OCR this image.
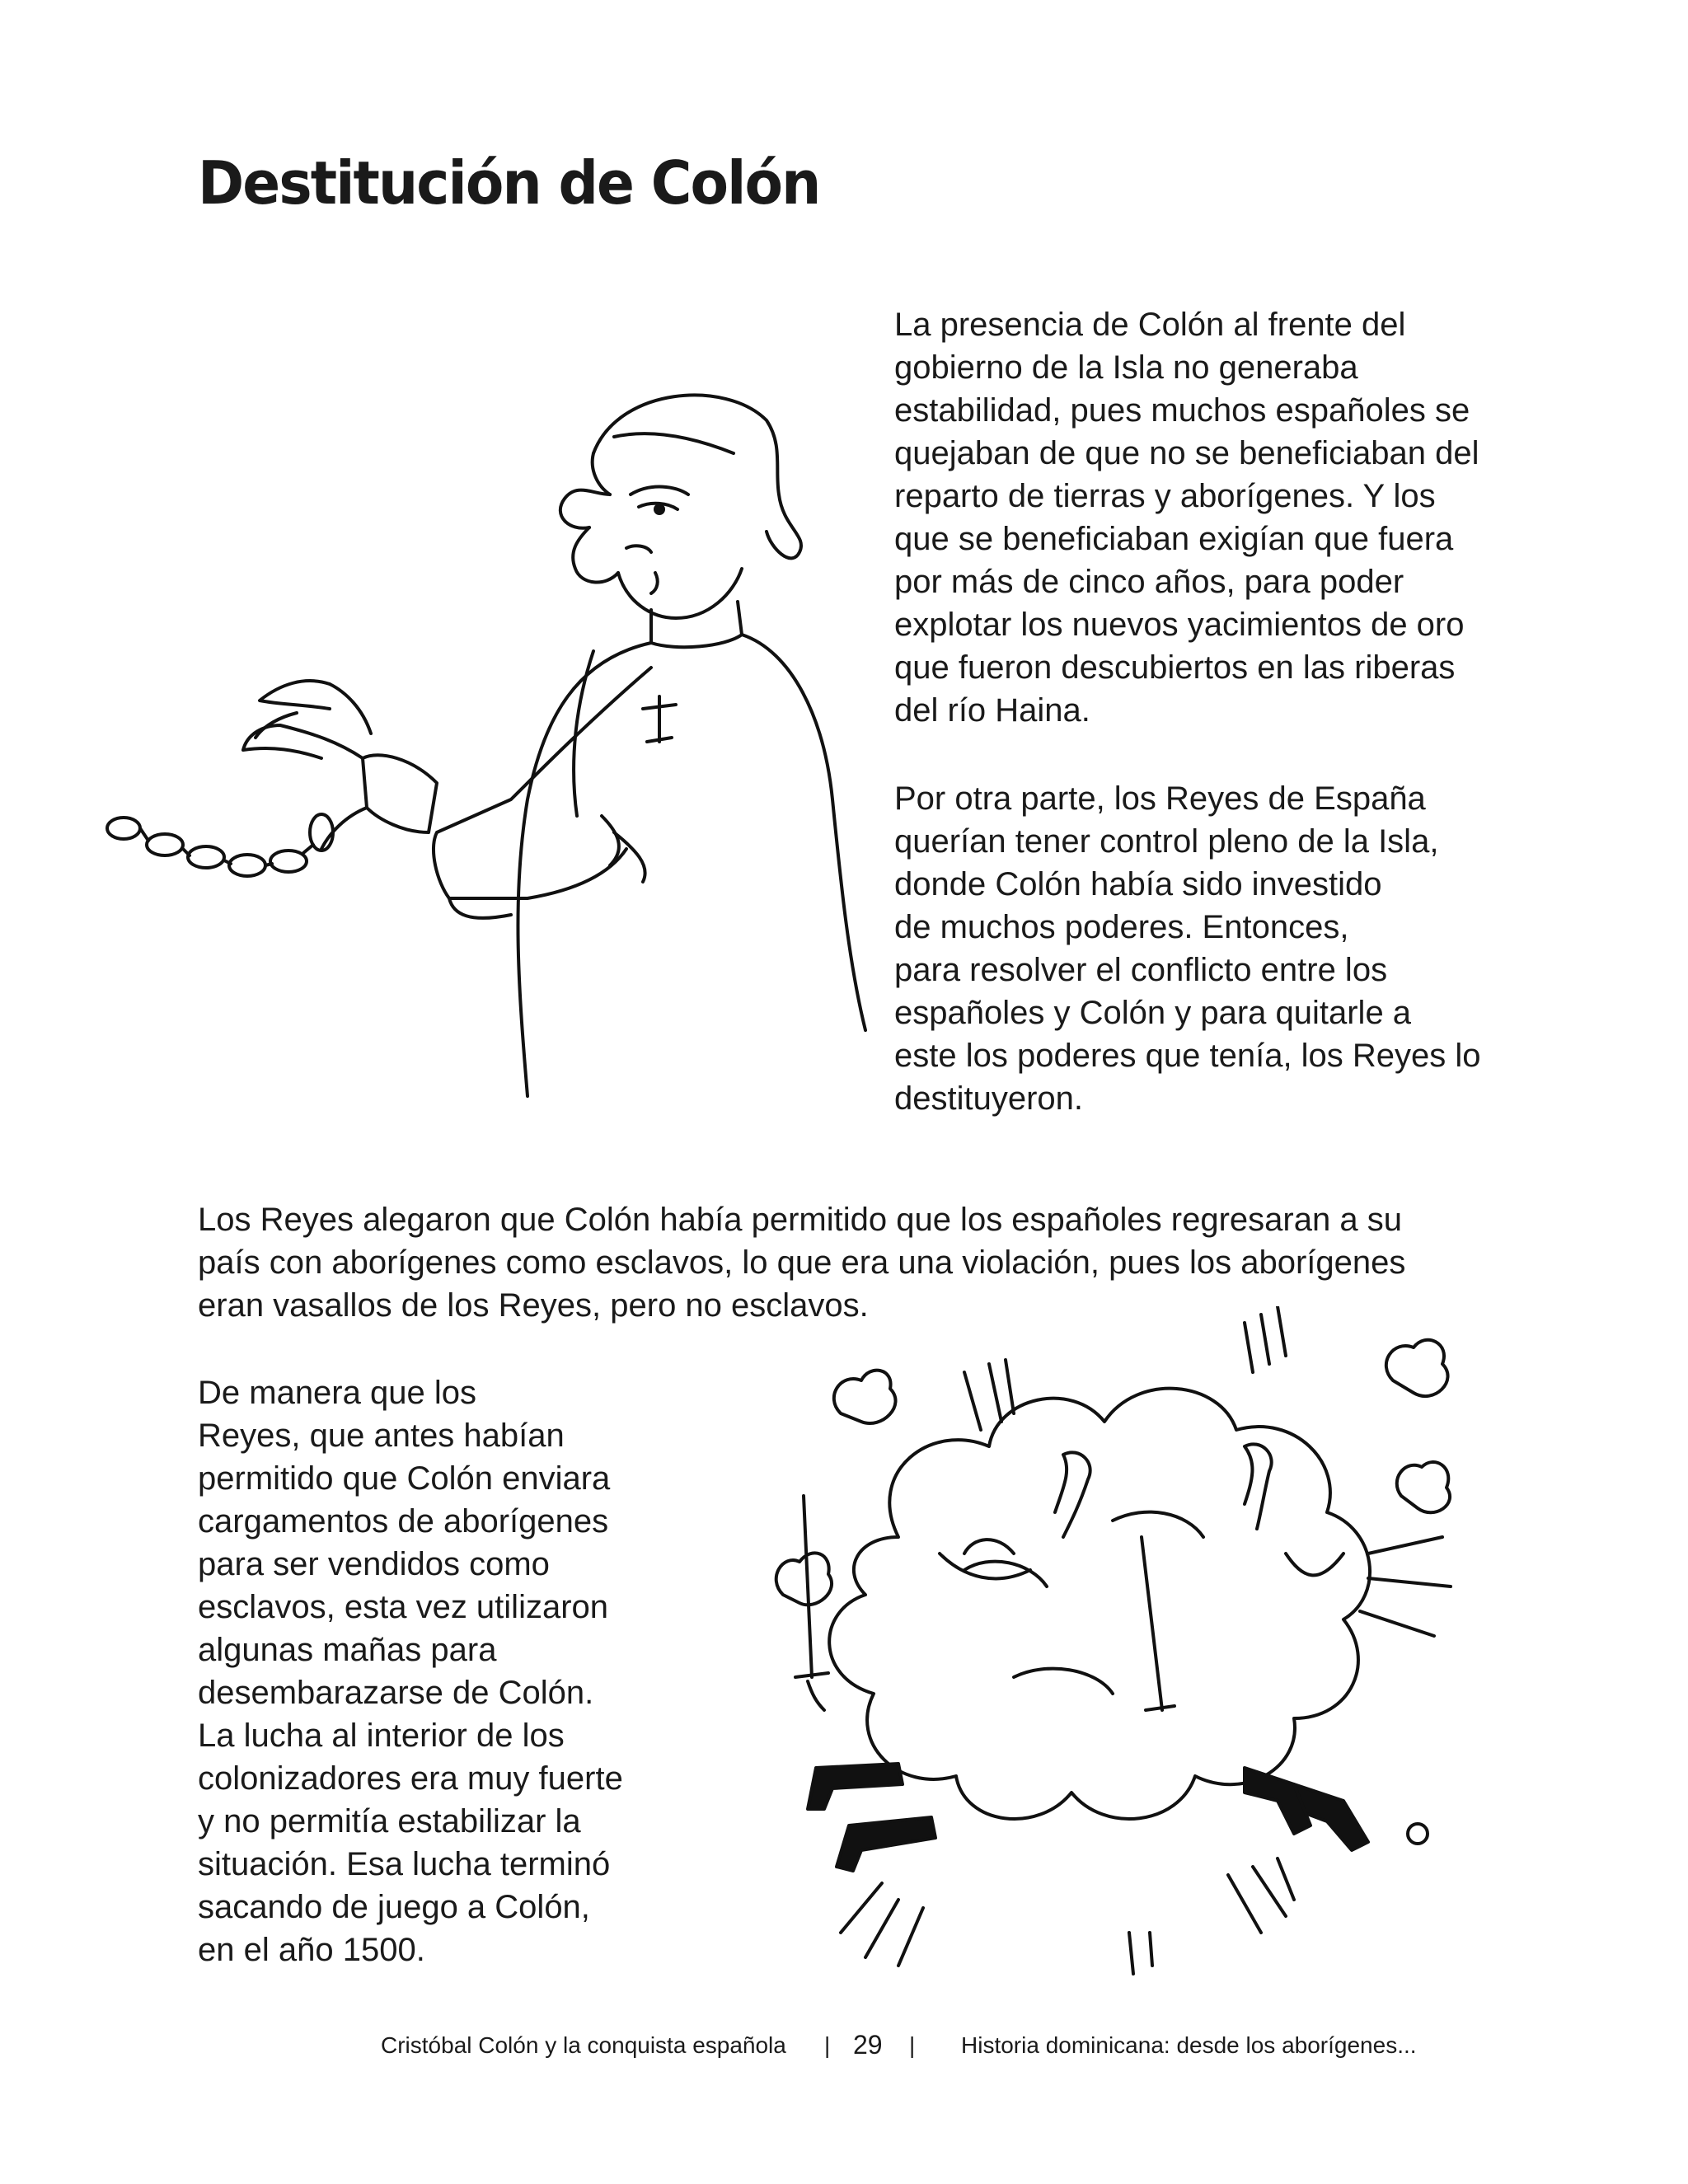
Destitución de Colón

La presencia de Colón al frente del
gobierno de la Isla no generaba
estabilidad, pues muchos españoles se
quejaban de que no se beneficiaban del
reparto de tierras y aborígenes. Y los
que se beneficiaban exigían que fuera
por más de cinco años, para poder
explotar los nuevos yacimientos de oro
que fueron descubiertos en las riberas
del río Haina.

Por otra parte, los Reyes de España
querían tener control pleno de la Isla,
donde Colón había sido investido
de muchos poderes. Entonces,
para resolver el conflicto entre los
españoles y Colón y para quitarle a
este los poderes que tenía, los Reyes lo
destituyeron.

Los Reyes alegaron que Colón había permitido que los españoles regresaran a su
país con aborígenes como esclavos, lo que era una violación, pues los aborígenes
eran vasallos de los Reyes, pero no esclavos.

De manera que los
Reyes, que antes habían
permitido que Colón enviara
cargamentos de aborígenes
para ser vendidos como
esclavos, esta vez utilizaron
algunas mañas para
desembarazarse de Colón.
La lucha al interior de los
colonizadores era muy fuerte
y no permitía estabilizar la
situación. Esa lucha terminó
sacando de juego a Colón,
en el año 1500.

Cristóbal Colón y la conquista española | 29 | Historia dominicana: desde los aborígenes...
